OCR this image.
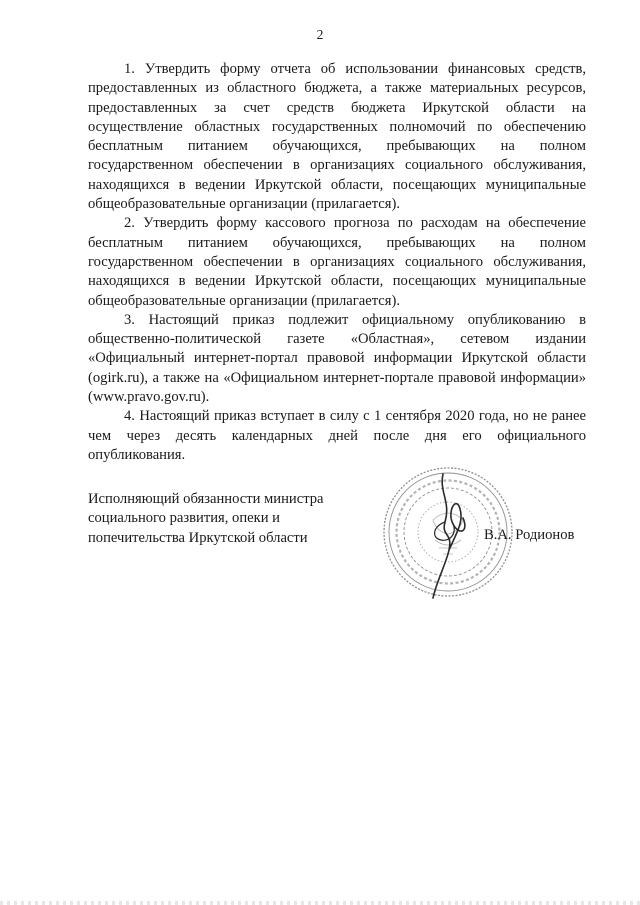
2

1. Утвердить форму отчета об использовании финансовых средств, предоставленных из областного бюджета, а также материальных ресурсов, предоставленных за счет средств бюджета Иркутской области на осуществление областных государственных полномочий по обеспечению бесплатным питанием обучающихся, пребывающих на полном государственном обеспечении в организациях социального обслуживания, находящихся в ведении Иркутской области, посещающих муниципальные общеобразовательные организации (прилагается).

2. Утвердить форму кассового прогноза по расходам на обеспечение бесплатным питанием обучающихся, пребывающих на полном государственном обеспечении в организациях социального обслуживания, находящихся в ведении Иркутской области, посещающих муниципальные общеобразовательные организации (прилагается).

3. Настоящий приказ подлежит официальному опубликованию в общественно-политической газете «Областная», сетевом издании «Официальный интернет-портал правовой информации Иркутской области (ogirk.ru), а также на «Официальном интернет-портале правовой информации» (www.pravo.gov.ru).

4. Настоящий приказ вступает в силу с 1 сентября 2020 года, но не ранее чем через десять календарных дней после дня его официального опубликования.

Исполняющий обязанности министра
социального развития, опеки и
попечительства Иркутской области	В.А. Родионов
